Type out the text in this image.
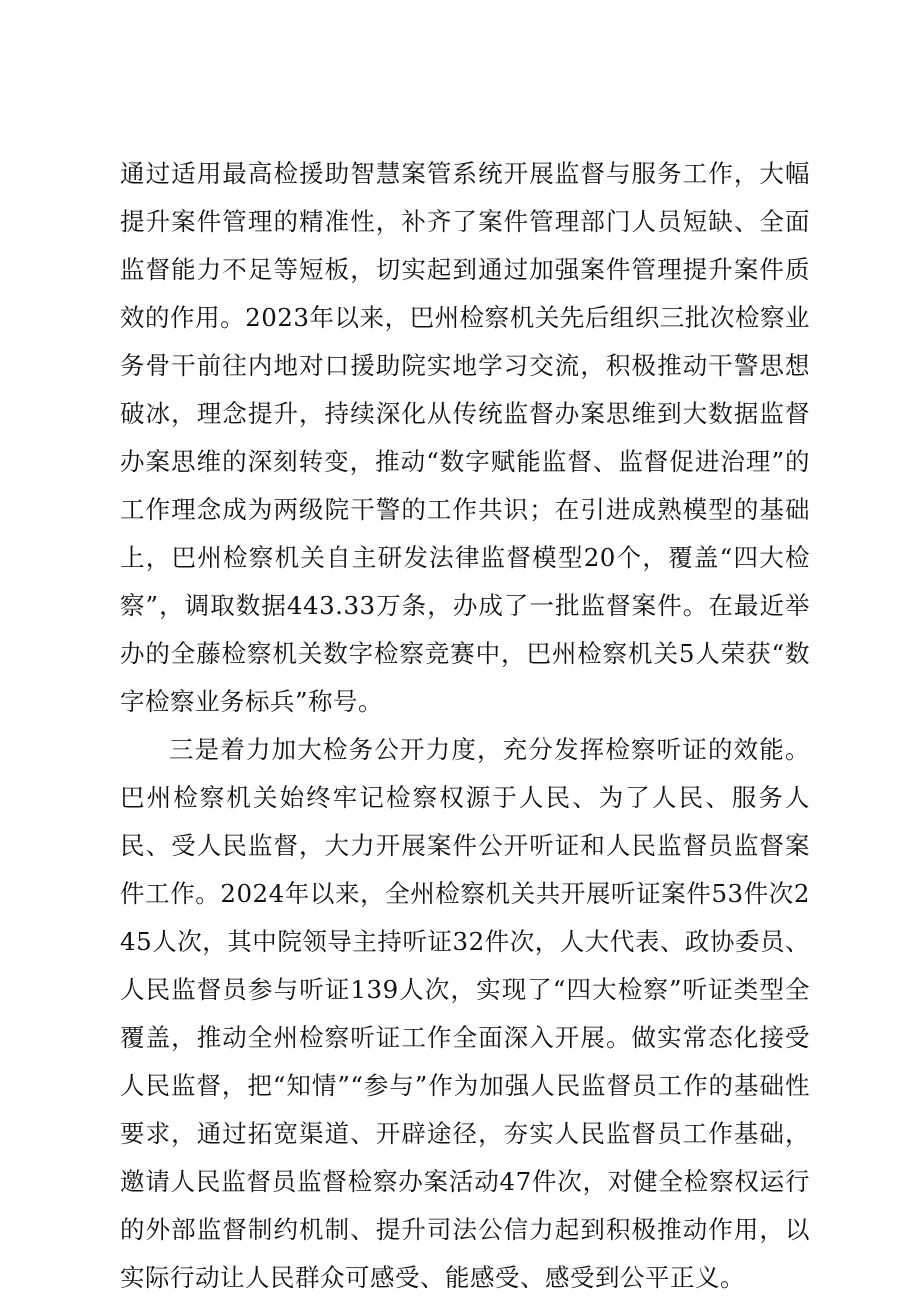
通过适用最高检援助智慧案管系统开展监督与服务工作，大幅提升案件管理的精准性，补齐了案件管理部门人员短缺、全面监督能力不足等短板，切实起到通过加强案件管理提升案件质效的作用。2023年以来，巴州检察机关先后组织三批次检察业务骨干前往内地对口援助院实地学习交流，积极推动干警思想破冰，理念提升，持续深化从传统监督办案思维到大数据监督办案思维的深刻转变，推动“数字赋能监督、监督促进治理”的工作理念成为两级院干警的工作共识；在引进成熟模型的基础上，巴州检察机关自主研发法律监督模型20个，覆盖“四大检察”，调取数据443.33万条，办成了一批监督案件。在最近举办的全藤检察机关数字检察竞赛中，巴州检察机关5人荣获“数字检察业务标兵”称号。

三是着力加大检务公开力度，充分发挥检察听证的效能。巴州检察机关始终牢记检察权源于人民、为了人民、服务人民、受人民监督，大力开展案件公开听证和人民监督员监督案件工作。2024年以来，全州检察机关共开展听证案件53件次245人次，其中院领导主持听证32件次，人大代表、政协委员、人民监督员参与听证139人次，实现了“四大检察”听证类型全覆盖，推动全州检察听证工作全面深入开展。做实常态化接受人民监督，把“知情”“参与”作为加强人民监督员工作的基础性要求，通过拓宽渠道、开辟途径，夯实人民监督员工作基础，邀请人民监督员监督检察办案活动47件次，对健全检察权运行的外部监督制约机制、提升司法公信力起到积极推动作用，以实际行动让人民群众可感受、能感受、感受到公平正义。
